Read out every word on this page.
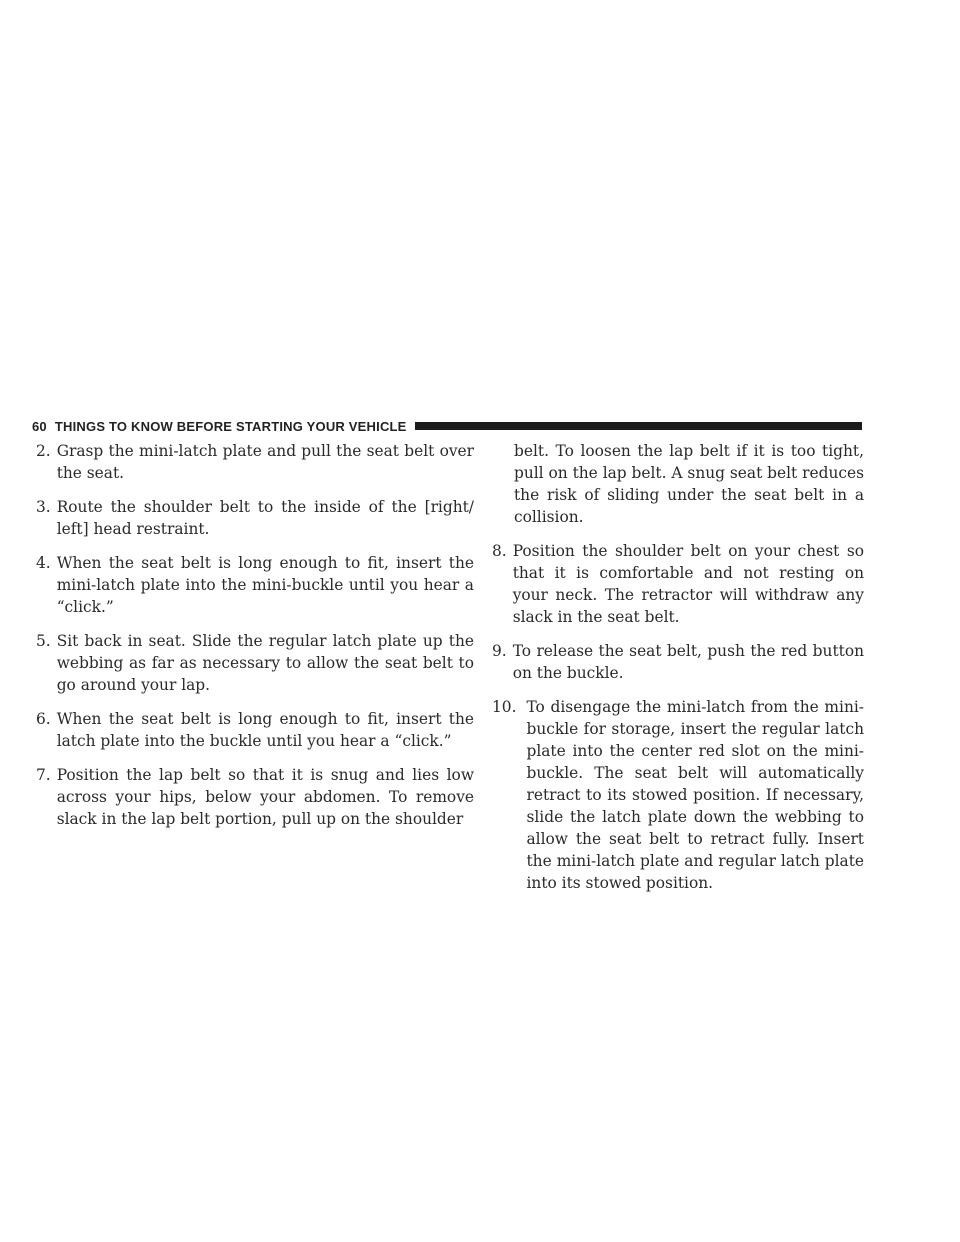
60 THINGS TO KNOW BEFORE STARTING YOUR VEHICLE
2. Grasp the mini-latch plate and pull the seat belt over the seat.
3. Route the shoulder belt to the inside of the [right/ left] head restraint.
4. When the seat belt is long enough to fit, insert the mini-latch plate into the mini-buckle until you hear a “click.”
5. Sit back in seat. Slide the regular latch plate up the webbing as far as necessary to allow the seat belt to go around your lap.
6. When the seat belt is long enough to fit, insert the latch plate into the buckle until you hear a “click.”
7. Position the lap belt so that it is snug and lies low across your hips, below your abdomen. To remove slack in the lap belt portion, pull up on the shoulder
belt. To loosen the lap belt if it is too tight, pull on the lap belt. A snug seat belt reduces the risk of sliding under the seat belt in a collision.
8. Position the shoulder belt on your chest so that it is comfortable and not resting on your neck. The retractor will withdraw any slack in the seat belt.
9. To release the seat belt, push the red button on the buckle.
10. To disengage the mini-latch from the mini-buckle for storage, insert the regular latch plate into the center red slot on the mini-buckle. The seat belt will automatically retract to its stowed position. If necessary, slide the latch plate down the webbing to allow the seat belt to retract fully. Insert the mini-latch plate and regular latch plate into its stowed position.
